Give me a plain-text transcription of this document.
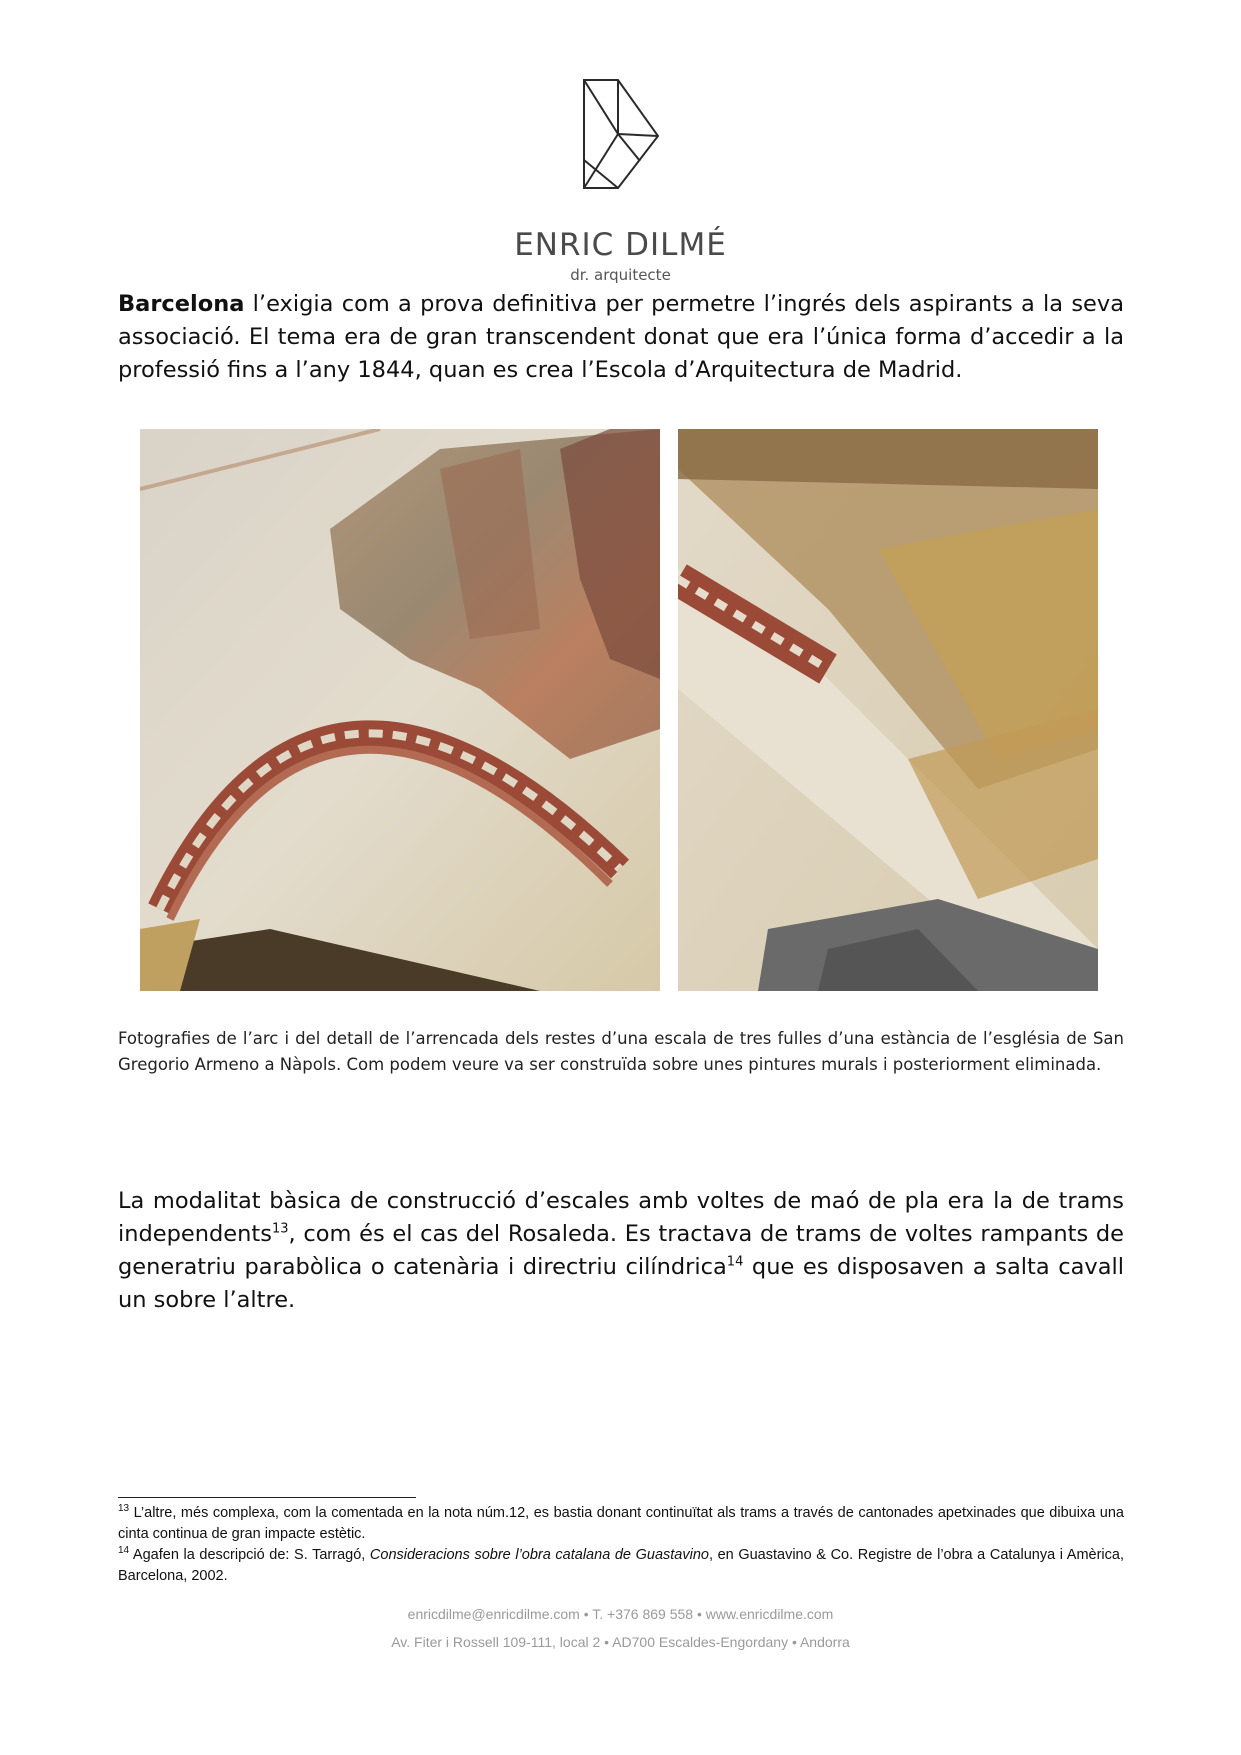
ENRIC DILMÉ
dr. arquitecte
Barcelona l’exigia com a prova definitiva per permetre l’ingrés dels aspirants a la seva associació. El tema era de gran transcendent donat que era l’única forma d’accedir a la professió fins a l’any 1844, quan es crea l’Escola d’Arquitectura de Madrid.
Fotografies de l’arc i del detall de l’arrencada dels restes d’una escala de tres fulles d’una estància de l’església de San Gregorio Armeno a Nàpols. Com podem veure va ser construïda sobre unes pintures murals i posteriorment eliminada.
La modalitat bàsica de construcció d’escales amb voltes de maó de pla era la de trams independents$^{13}$, com és el cas del Rosaleda. Es tractava de trams de voltes rampants de generatriu parabòlica o catenària i directriu cilíndrica$^{14}$ que es disposaven a salta cavall un sobre l’altre.

$^{13}$ L’altre, més complexa, com la comentada en la nota núm.12, es bastia donant continuïtat als trams a través de cantonades apetxinades que dibuixa una cinta continua de gran impacte estètic.

$^{14}$ Agafen la descripció de: S. Tarragó, Consideracions sobre l’obra catalana de Guastavino, en Guastavino & Co. Registre de l’obra a Catalunya i Amèrica, Barcelona, 2002.

enricdilme@enricdilme.com • T. +376 869 558 • www.enricdilme.com
Av. Fiter i Rossell 109-111, local 2 • AD700 Escaldes-Engordany • Andorra
